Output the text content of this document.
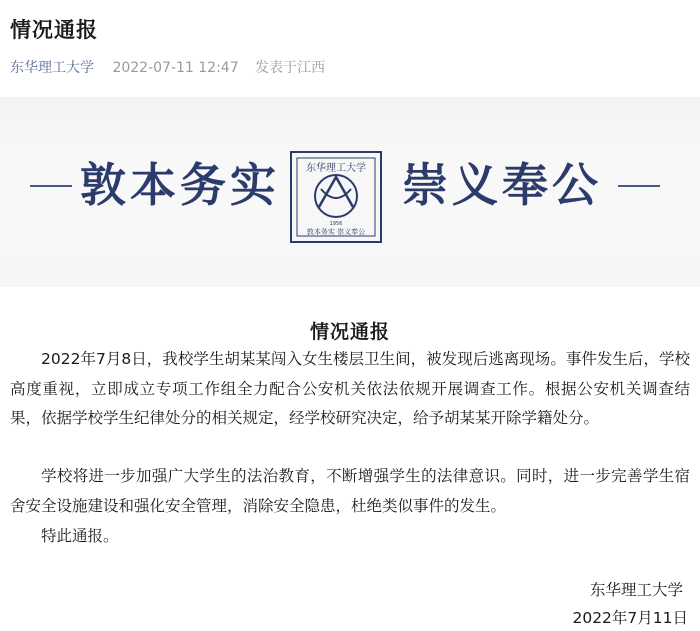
情况通报
东华理工大学 2022-07-11 12:47 发表于江西
敦本务实	东华理工大学
1956
敦本务实 崇义奉公
崇义奉公
情况通报

2022年7月8日，我校学生胡某某闯入女生楼层卫生间，被发现后逃离现场。事件发生后，学校高度重视，立即成立专项工作组全力配合公安机关依法依规开展调查工作。根据公安机关调查结果，依据学校学生纪律处分的相关规定，经学校研究决定，给予胡某某开除学籍处分。

学校将进一步加强广大学生的法治教育，不断增强学生的法律意识。同时，进一步完善学生宿舍安全设施建设和强化安全管理，消除安全隐患，杜绝类似事件的发生。

特此通报。

东华理工大学
2022年7月11日
